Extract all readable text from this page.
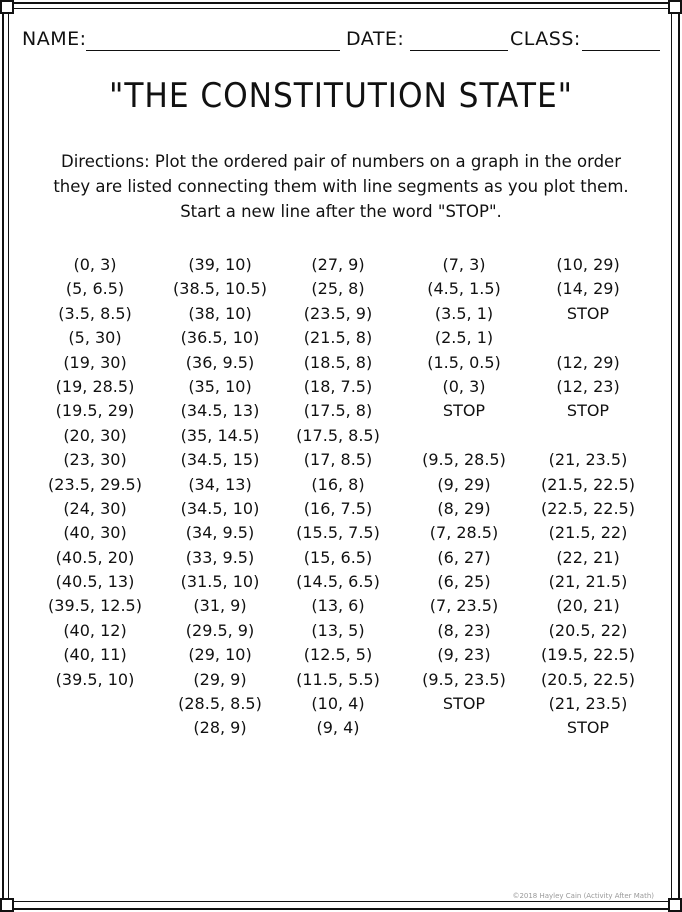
NAME:	DATE:	CLASS:
"THE CONSTITUTION STATE"
Directions: Plot the ordered pair of numbers on a graph in the order
they are listed connecting them with line segments as you plot them.
Start a new line after the word "STOP".
(0, 3)
(5, 6.5)
(3.5, 8.5)
(5, 30)
(19, 30)
(19, 28.5)
(19.5, 29)
(20, 30)
(23, 30)
(23.5, 29.5)
(24, 30)
(40, 30)
(40.5, 20)
(40.5, 13)
(39.5, 12.5)
(40, 12)
(40, 11)
(39.5, 10)
(39, 10)
(38.5, 10.5)
(38, 10)
(36.5, 10)
(36, 9.5)
(35, 10)
(34.5, 13)
(35, 14.5)
(34.5, 15)
(34, 13)
(34.5, 10)
(34, 9.5)
(33, 9.5)
(31.5, 10)
(31, 9)
(29.5, 9)
(29, 10)
(29, 9)
(28.5, 8.5)
(28, 9)
(27, 9)
(25, 8)
(23.5, 9)
(21.5, 8)
(18.5, 8)
(18, 7.5)
(17.5, 8)
(17.5, 8.5)
(17, 8.5)
(16, 8)
(16, 7.5)
(15.5, 7.5)
(15, 6.5)
(14.5, 6.5)
(13, 6)
(13, 5)
(12.5, 5)
(11.5, 5.5)
(10, 4)
(9, 4)
(7, 3)
(4.5, 1.5)
(3.5, 1)
(2.5, 1)
(1.5, 0.5)
(0, 3)
STOP
(9.5, 28.5)
(9, 29)
(8, 29)
(7, 28.5)
(6, 27)
(6, 25)
(7, 23.5)
(8, 23)
(9, 23)
(9.5, 23.5)
STOP
(10, 29)
(14, 29)
STOP
(12, 29)
(12, 23)
STOP
(21, 23.5)
(21.5, 22.5)
(22.5, 22.5)
(21.5, 22)
(22, 21)
(21, 21.5)
(20, 21)
(20.5, 22)
(19.5, 22.5)
(20.5, 22.5)
(21, 23.5)
STOP
©2018 Hayley Cain (Activity After Math)
